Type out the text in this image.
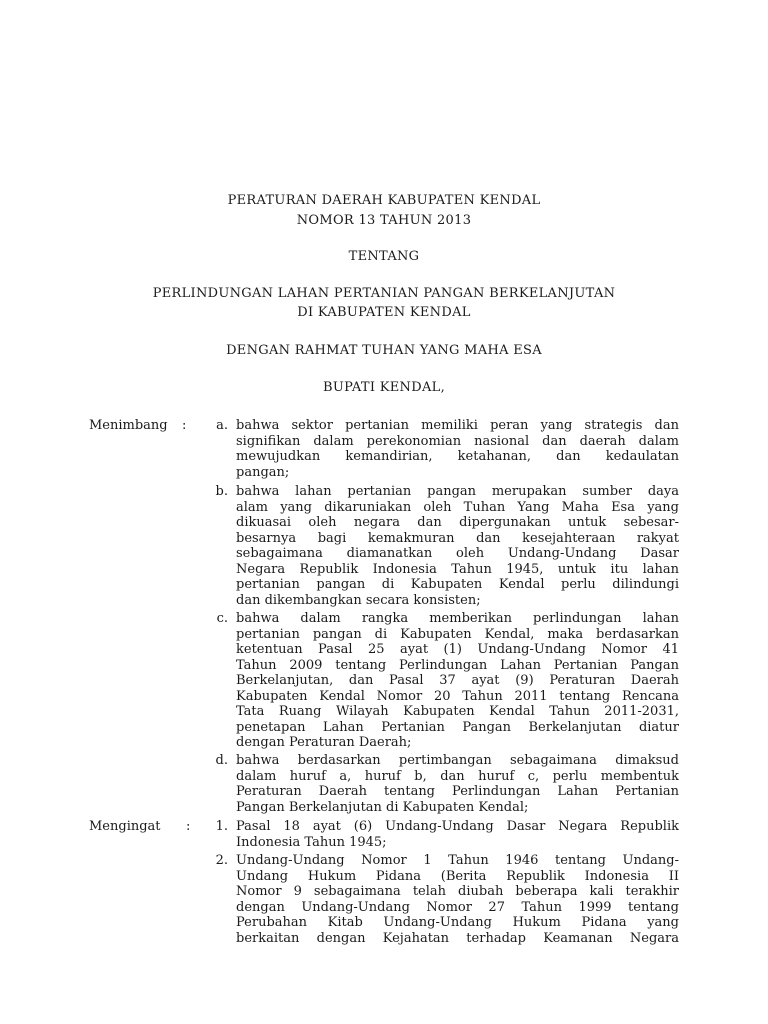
PERATURAN DAERAH KABUPATEN KENDAL
NOMOR 13 TAHUN 2013
TENTANG
PERLINDUNGAN LAHAN PERTANIAN PANGAN BERKELANJUTAN
DI KABUPATEN KENDAL
DENGAN RAHMAT TUHAN YANG MAHA ESA
BUPATI KENDAL,
Menimbang :	a. bahwa sektor pertanian memiliki peran yang strategis dan
signifikan dalam perekonomian nasional dan daerah dalam
mewujudkan kemandirian, ketahanan, dan kedaulatan
pangan;
b. bahwa lahan pertanian pangan merupakan sumber daya
alam yang dikaruniakan oleh Tuhan Yang Maha Esa yang
dikuasai oleh negara dan dipergunakan untuk sebesar-
besarnya bagi kemakmuran dan kesejahteraan rakyat
sebagaimana diamanatkan oleh Undang-Undang Dasar
Negara Republik Indonesia Tahun 1945, untuk itu lahan
pertanian pangan di Kabupaten Kendal perlu dilindungi
dan dikembangkan secara konsisten;
c. bahwa dalam rangka memberikan perlindungan lahan
pertanian pangan di Kabupaten Kendal, maka berdasarkan
ketentuan Pasal 25 ayat (1) Undang-Undang Nomor 41
Tahun 2009 tentang Perlindungan Lahan Pertanian Pangan
Berkelanjutan, dan Pasal 37 ayat (9) Peraturan Daerah
Kabupaten Kendal Nomor 20 Tahun 2011 tentang Rencana
Tata Ruang Wilayah Kabupaten Kendal Tahun 2011-2031,
penetapan Lahan Pertanian Pangan Berkelanjutan diatur
dengan Peraturan Daerah;
d. bahwa berdasarkan pertimbangan sebagaimana dimaksud
dalam huruf a, huruf b, dan huruf c, perlu membentuk
Peraturan Daerah tentang Perlindungan Lahan Pertanian
Pangan Berkelanjutan di Kabupaten Kendal;
Mengingat :	1. Pasal 18 ayat (6) Undang-Undang Dasar Negara Republik
Indonesia Tahun 1945;
2. Undang-Undang Nomor 1 Tahun 1946 tentang Undang-
Undang Hukum Pidana (Berita Republik Indonesia II
Nomor 9 sebagaimana telah diubah beberapa kali terakhir
dengan Undang-Undang Nomor 27 Tahun 1999 tentang
Perubahan Kitab Undang-Undang Hukum Pidana yang
berkaitan dengan Kejahatan terhadap Keamanan Negara
